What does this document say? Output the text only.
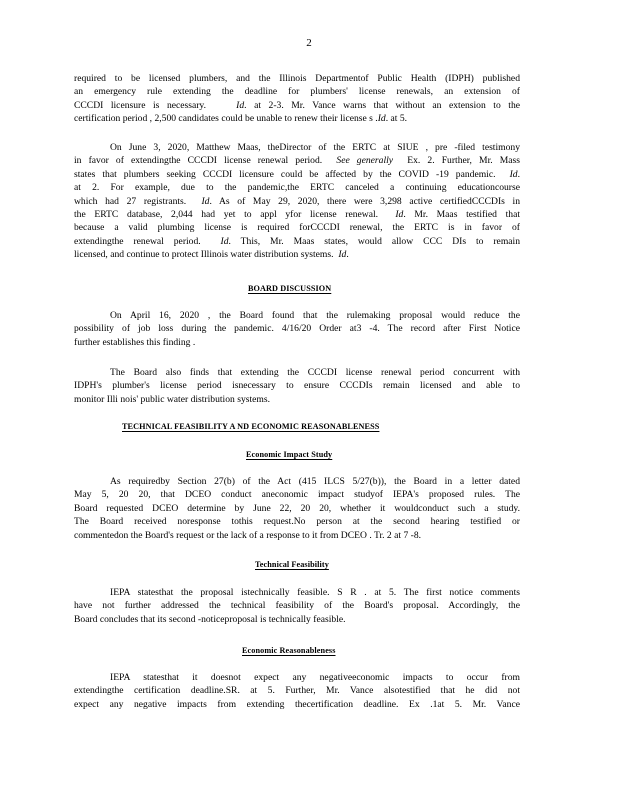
2
required to be licensed plumbers, and the Illinois Departmentof Public Health (IDPH) published
an emergency rule extending the deadline for plumbers' license renewals, an extension of
CCCDI licensure is necessary.	Id. at 2-3. Mr. Vance warns that without an extension to the
certification period , 2,500 candidates could be unable to renew their license s .Id. at 5.
On June 3, 2020, Matthew Maas, theDirector of the ERTC at SIUE , pre -filed testimony
in favor of extendingthe CCCDI license renewal period. See generally Ex. 2. Further, Mr. Mass
states that plumbers seeking CCCDI licensure could be affected by the COVID -19 pandemic. Id.
at 2. For example, due to the pandemic,the ERTC canceled a continuing educationcourse
which had 27 registrants. Id. As of May 29, 2020, there were 3,298 active certifiedCCCDIs in
the ERTC database, 2,044 had yet to appl yfor license renewal. Id. Mr. Maas testified that
because a valid plumbing license is required forCCCDI renewal, the ERTC is in favor of
extendingthe renewal period. Id. This, Mr. Maas states, would allow CCC DIs to remain
licensed, and continue to protect Illinois water distribution systems. Id.
BOARD DISCUSSION
On April 16, 2020 , the Board found that the rulemaking proposal would reduce the
possibility of job loss during the pandemic. 4/16/20 Order at3 -4. The record after First Notice
further establishes this finding .
The Board also finds that extending the CCCDI license renewal period concurrent with
IDPH's plumber's license period isnecessary to ensure CCCDIs remain licensed and able to
monitor Illi nois' public water distribution systems.
TECHNICAL FEASIBILITY A ND ECONOMIC REASONABLENESS
Economic Impact Study
As requiredby Section 27(b) of the Act (415 ILCS 5/27(b)), the Board in a letter dated
May 5, 20 20, that DCEO conduct aneconomic impact studyof IEPA's proposed rules. The
Board requested DCEO determine by June 22, 20 20, whether it wouldconduct such a study.
The Board received noresponse tothis request.No person at the second hearing testified or
commentedon the Board's request or the lack of a response to it from DCEO . Tr. 2 at 7 -8.
Technical Feasibility
IEPA statesthat the proposal istechnically feasible. S R . at 5. The first notice comments
have not further addressed the technical feasibility of the Board's proposal. Accordingly, the
Board concludes that its second -noticeproposal is technically feasible.
Economic Reasonableness
IEPA statesthat it doesnot expect any negativeeconomic impacts to occur from
extendingthe certification deadline.SR. at 5. Further, Mr. Vance alsotestified that he did not
expect any negative impacts from extending thecertification deadline. Ex .1at 5. Mr. Vance
